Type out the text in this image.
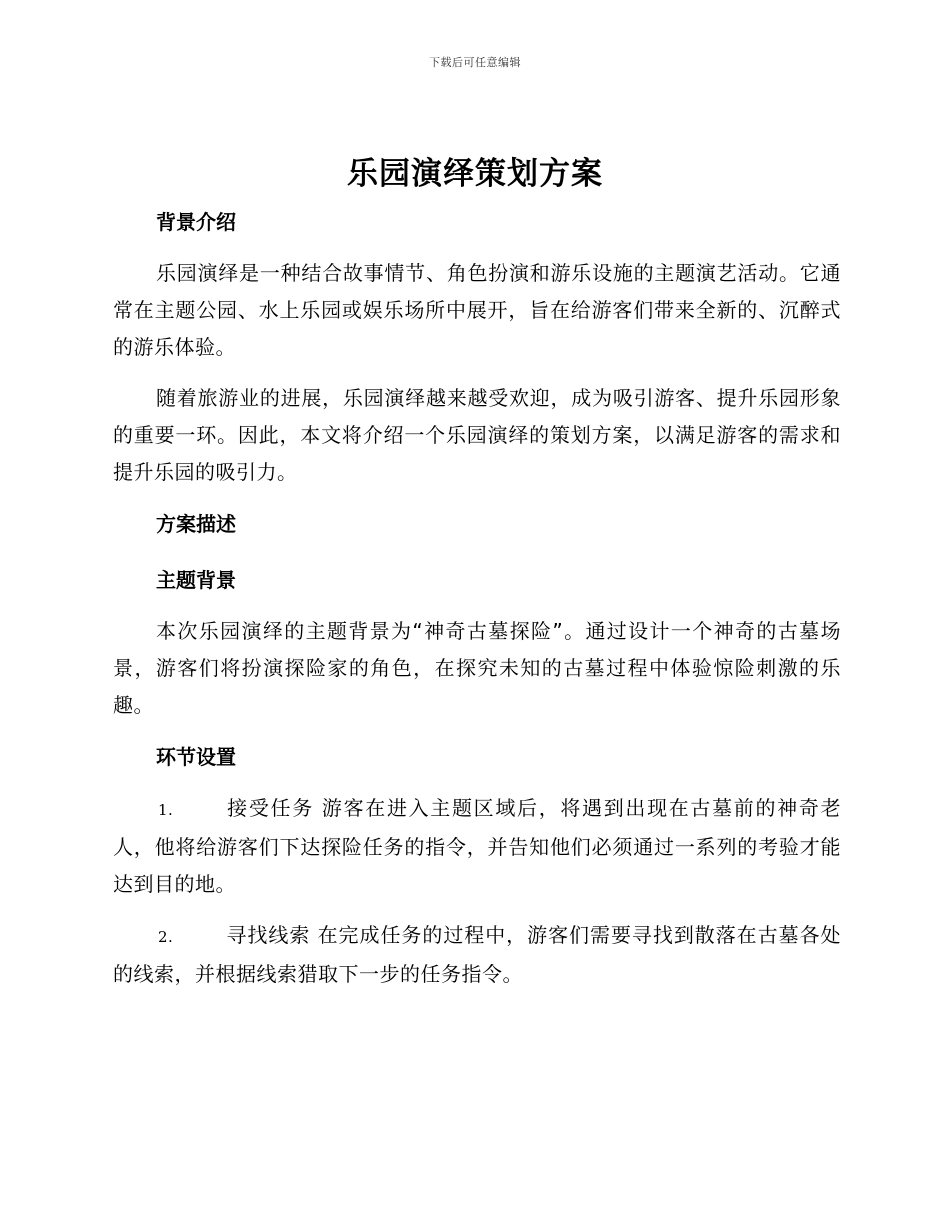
下载后可任意编辑
乐园演绎策划方案
背景介绍

乐园演绎是一种结合故事情节、角色扮演和游乐设施的主题演艺活动。它通常在主题公园、水上乐园或娱乐场所中展开，旨在给游客们带来全新的、沉醉式的游乐体验。

随着旅游业的进展，乐园演绎越来越受欢迎，成为吸引游客、提升乐园形象的重要一环。因此，本文将介绍一个乐园演绎的策划方案，以满足游客的需求和提升乐园的吸引力。

方案描述
主题背景

本次乐园演绎的主题背景为“神奇古墓探险”。通过设计一个神奇的古墓场景，游客们将扮演探险家的角色，在探究未知的古墓过程中体验惊险刺激的乐趣。

环节设置

1.	接受任务 游客在进入主题区域后，将遇到出现在古墓前的神奇老人，他将给游客们下达探险任务的指令，并告知他们必须通过一系列的考验才能达到目的地。

2.	寻找线索 在完成任务的过程中，游客们需要寻找到散落在古墓各处的线索，并根据线索猎取下一步的任务指令。
